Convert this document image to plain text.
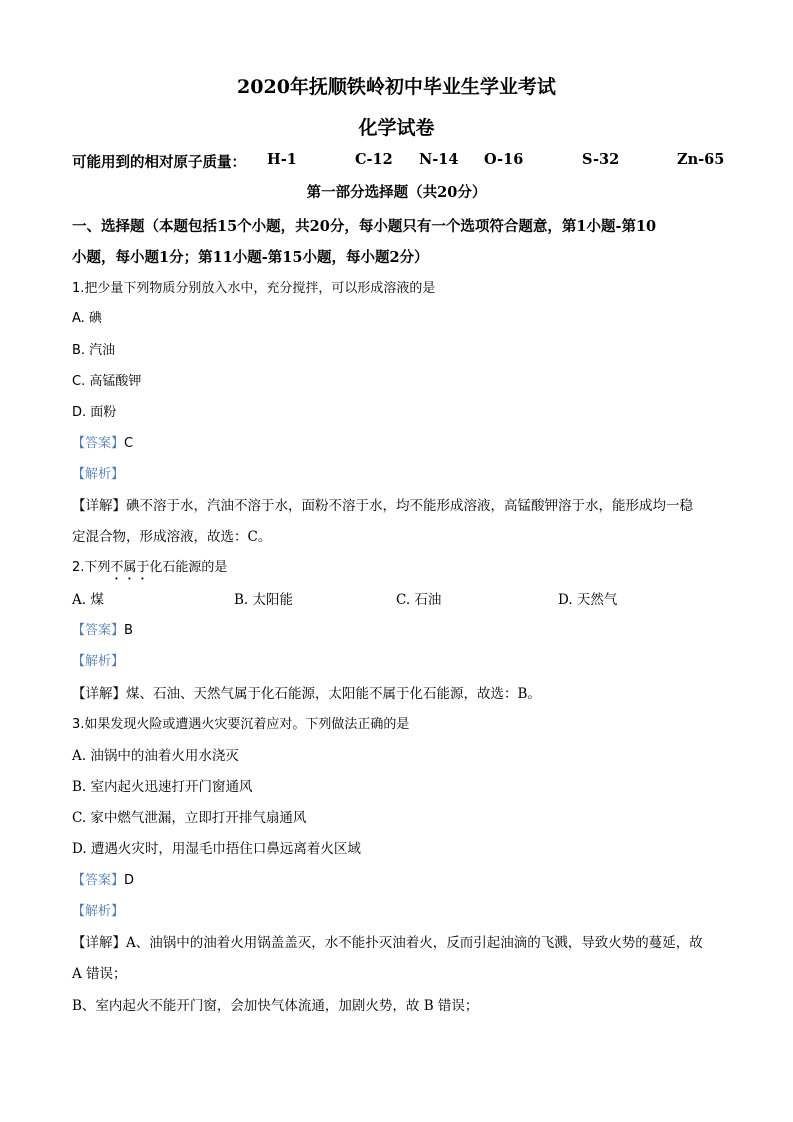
2020年抚顺铁岭初中毕业生学业考试
化学试卷
可能用到的相对原子质量： H-1	C-12 N-14 O-16	S-32	Zn-65
第一部分选择题（共20分）
一、选择题（本题包括15个小题，共20分，每小题只有一个选项符合题意，第1小题-第10
小题，每小题1分；第11小题-第15小题，每小题2分）
1.把少量下列物质分别放入水中，充分搅拌，可以形成溶液的是
A. 碘
B. 汽油
C. 高锰酸钾
D. 面粉
【答案】C
【解析】
【详解】碘不溶于水，汽油不溶于水，面粉不溶于水，均不能形成溶液，高锰酸钾溶于水，能形成均一稳
定混合物，形成溶液，故选：C。
2.下列不属于化石能源的是
A. 煤	B. 太阳能	C. 石油	D. 天然气
【答案】B
【解析】
【详解】煤、石油、天然气属于化石能源，太阳能不属于化石能源，故选：B。
3.如果发现火险或遭遇火灾要沉着应对。下列做法正确的是
A. 油锅中的油着火用水浇灭
B. 室内起火迅速打开门窗通风
C. 家中燃气泄漏，立即打开排气扇通风
D. 遭遇火灾时，用湿毛巾捂住口鼻远离着火区域
【答案】D
【解析】
【详解】A、油锅中的油着火用锅盖盖灭，水不能扑灭油着火，反而引起油滴的飞溅，导致火势的蔓延，故
A 错误；
B、室内起火不能开门窗，会加快气体流通，加剧火势，故 B 错误；
